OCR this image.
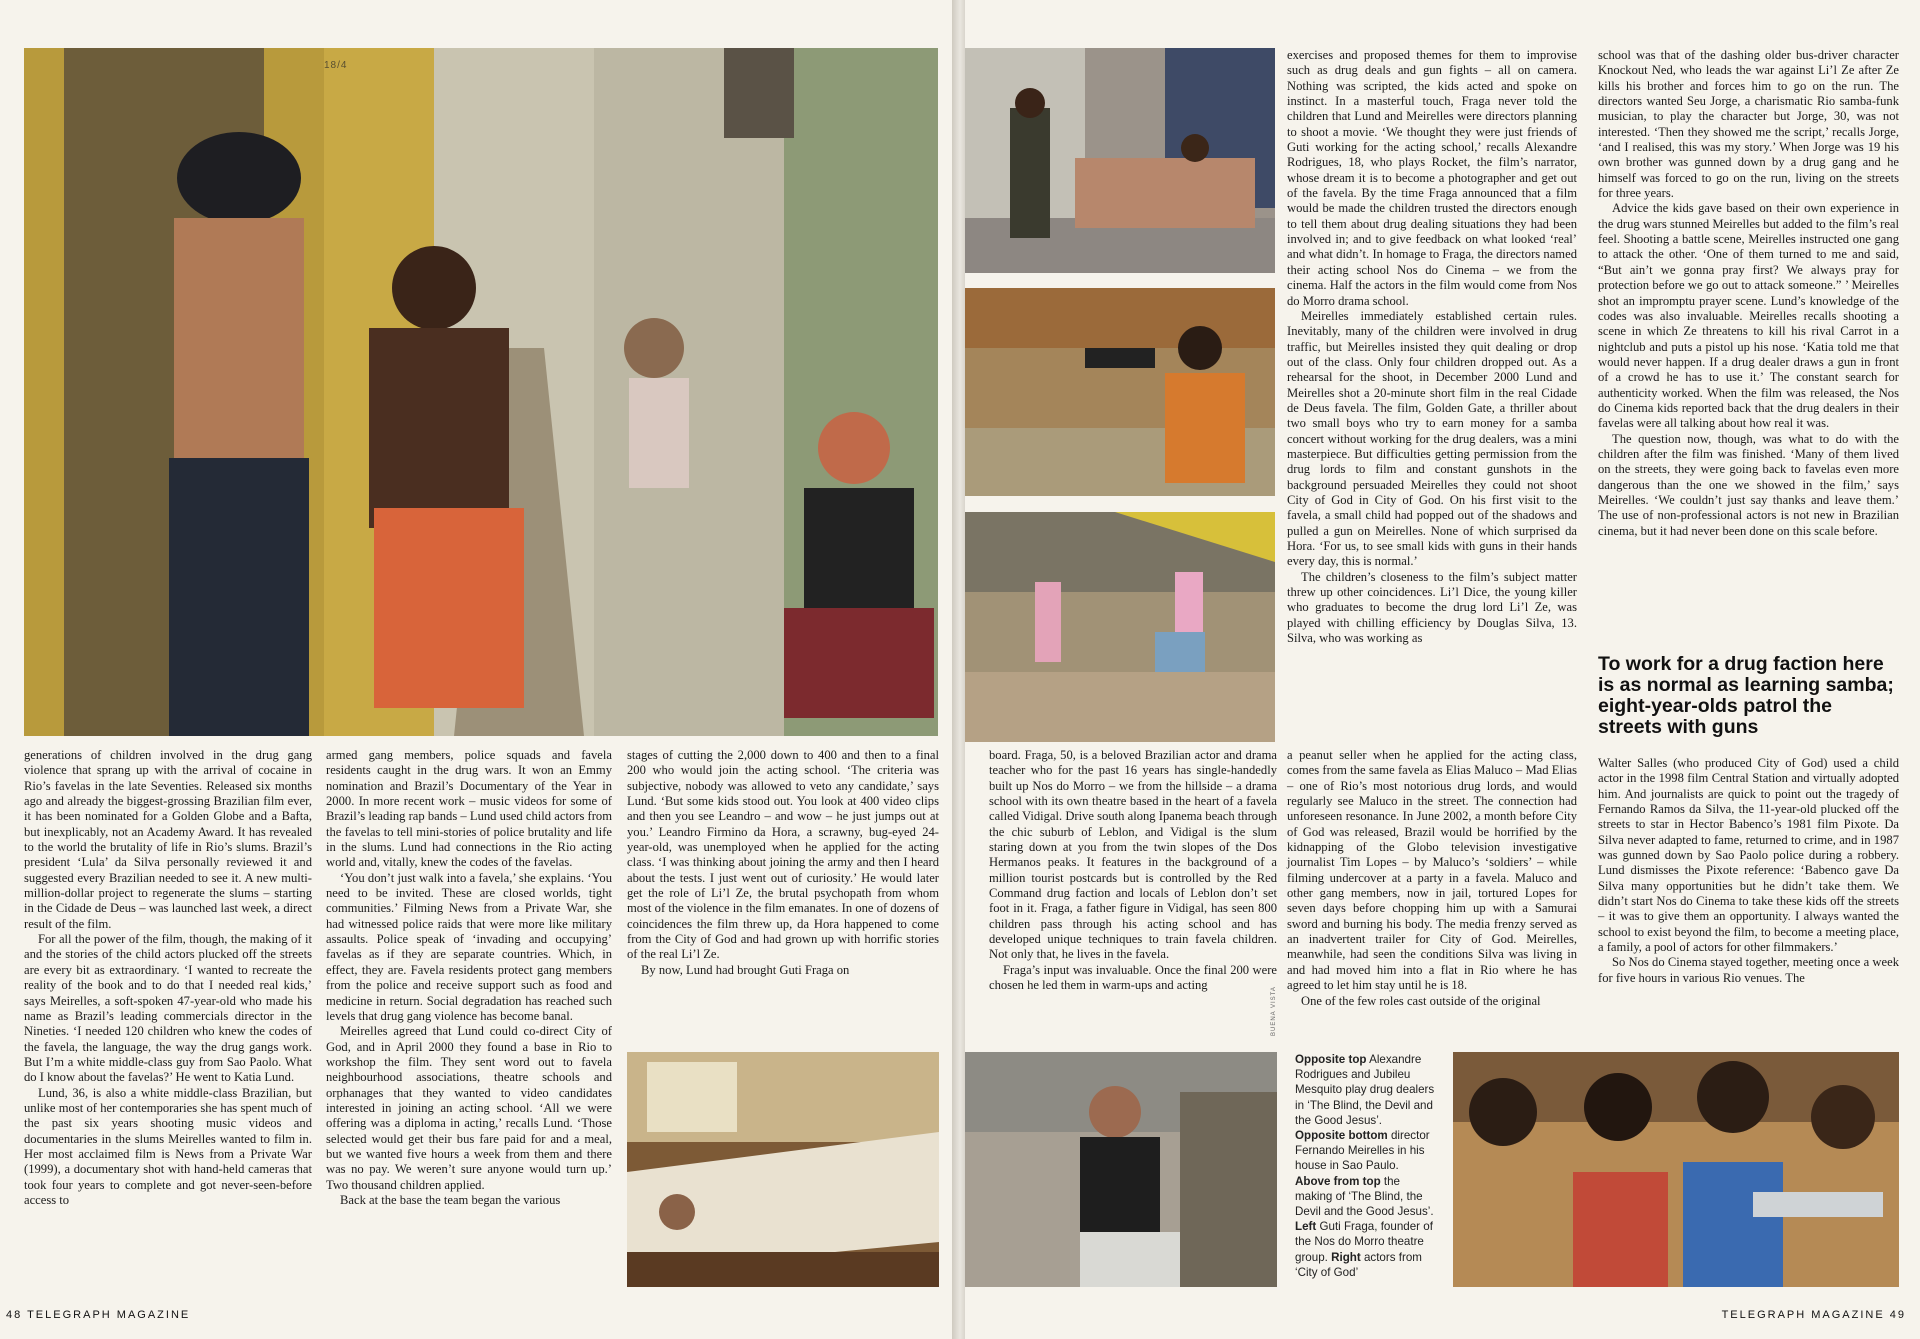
18/4

generations of children involved in the drug gang violence that sprang up with the arrival of cocaine in Rio’s favelas in the late Seventies. Released six months ago and already the biggest-grossing Brazilian film ever, it has been nominated for a Golden Globe and a Bafta, but inexplicably, not an Academy Award. It has revealed to the world the brutality of life in Rio’s slums. Brazil’s president ‘Lula’ da Silva personally reviewed it and suggested every Brazilian needed to see it. A new multi-million-dollar project to regenerate the slums – starting in the Cidade de Deus – was launched last week, a direct result of the film.

For all the power of the film, though, the making of it and the stories of the child actors plucked off the streets are every bit as extraordinary. ‘I wanted to recreate the reality of the book and to do that I needed real kids,’ says Meirelles, a soft-spoken 47-year-old who made his name as Brazil’s leading commercials director in the Nineties. ‘I needed 120 children who knew the codes of the favela, the language, the way the drug gangs work. But I’m a white middle-class guy from Sao Paolo. What do I know about the favelas?’ He went to Katia Lund.

Lund, 36, is also a white middle-class Brazilian, but unlike most of her contemporaries she has spent much of the past six years shooting music videos and documentaries in the slums Meirelles wanted to film in. Her most acclaimed film is News from a Private War (1999), a documentary shot with hand-held cameras that took four years to complete and got never-seen-before access to

armed gang members, police squads and favela residents caught in the drug wars. It won an Emmy nomination and Brazil’s Documentary of the Year in 2000. In more recent work – music videos for some of Brazil’s leading rap bands – Lund used child actors from the favelas to tell mini-stories of police brutality and life in the slums. Lund had connections in the Rio acting world and, vitally, knew the codes of the favelas.

‘You don’t just walk into a favela,’ she explains. ‘You need to be invited. These are closed worlds, tight communities.’ Filming News from a Private War, she had witnessed police raids that were more like military assaults. Police speak of ‘invading and occupying’ favelas as if they are separate countries. Which, in effect, they are. Favela residents protect gang members from the police and receive support such as food and medicine in return. Social degradation has reached such levels that drug gang violence has become banal.

Meirelles agreed that Lund could co-direct City of God, and in April 2000 they found a base in Rio to workshop the film. They sent word out to favela neighbourhood associations, theatre schools and orphanages that they wanted to video candidates interested in joining an acting school. ‘All we were offering was a diploma in acting,’ recalls Lund. ‘Those selected would get their bus fare paid for and a meal, but we wanted five hours a week from them and there was no pay. We weren’t sure anyone would turn up.’ Two thousand children applied.

Back at the base the team began the various

stages of cutting the 2,000 down to 400 and then to a final 200 who would join the acting school. ‘The criteria was subjective, nobody was allowed to veto any candidate,’ says Lund. ‘But some kids stood out. You look at 400 video clips and then you see Leandro – and wow – he just jumps out at you.’ Leandro Firmino da Hora, a scrawny, bug-eyed 24-year-old, was unemployed when he applied for the acting class. ‘I was thinking about joining the army and then I heard about the tests. I just went out of curiosity.’ He would later get the role of Li’l Ze, the brutal psychopath from whom most of the violence in the film emanates. In one of dozens of coincidences the film threw up, da Hora happened to come from the City of God and had grown up with horrific stories of the real Li’l Ze.

By now, Lund had brought Guti Fraga on

48 TELEGRAPH MAGAZINE
BUENA VISTA

exercises and proposed themes for them to improvise such as drug deals and gun fights – all on camera. Nothing was scripted, the kids acted and spoke on instinct. In a masterful touch, Fraga never told the children that Lund and Meirelles were directors planning to shoot a movie. ‘We thought they were just friends of Guti working for the acting school,’ recalls Alexandre Rodrigues, 18, who plays Rocket, the film’s narrator, whose dream it is to become a photographer and get out of the favela. By the time Fraga announced that a film would be made the children trusted the directors enough to tell them about drug dealing situations they had been involved in; and to give feedback on what looked ‘real’ and what didn’t. In homage to Fraga, the directors named their acting school Nos do Cinema – we from the cinema. Half the actors in the film would come from Nos do Morro drama school.

Meirelles immediately established certain rules. Inevitably, many of the children were involved in drug traffic, but Meirelles insisted they quit dealing or drop out of the class. Only four children dropped out. As a rehearsal for the shoot, in December 2000 Lund and Meirelles shot a 20-minute short film in the real Cidade de Deus favela. The film, Golden Gate, a thriller about two small boys who try to earn money for a samba concert without working for the drug dealers, was a mini masterpiece. But difficulties getting permission from the drug lords to film and constant gunshots in the background persuaded Meirelles they could not shoot City of God in City of God. On his first visit to the favela, a small child had popped out of the shadows and pulled a gun on Meirelles. None of which surprised da Hora. ‘For us, to see small kids with guns in their hands every day, this is normal.’

The children’s closeness to the film’s subject matter threw up other coincidences. Li’l Dice, the young killer who graduates to become the drug lord Li’l Ze, was played with chilling efficiency by Douglas Silva, 13. Silva, who was working as

school was that of the dashing older bus-driver character Knockout Ned, who leads the war against Li’l Ze after Ze kills his brother and forces him to go on the run. The directors wanted Seu Jorge, a charismatic Rio samba-funk musician, to play the character but Jorge, 30, was not interested. ‘Then they showed me the script,’ recalls Jorge, ‘and I realised, this was my story.’ When Jorge was 19 his own brother was gunned down by a drug gang and he himself was forced to go on the run, living on the streets for three years.

Advice the kids gave based on their own experience in the drug wars stunned Meirelles but added to the film’s real feel. Shooting a battle scene, Meirelles instructed one gang to attack the other. ‘One of them turned to me and said, “But ain’t we gonna pray first? We always pray for protection before we go out to attack someone.” ’ Meirelles shot an impromptu prayer scene. Lund’s knowledge of the codes was also invaluable. Meirelles recalls shooting a scene in which Ze threatens to kill his rival Carrot in a nightclub and puts a pistol up his nose. ‘Katia told me that would never happen. If a drug dealer draws a gun in front of a crowd he has to use it.’ The constant search for authenticity worked. When the film was released, the Nos do Cinema kids reported back that the drug dealers in their favelas were all talking about how real it was.

The question now, though, was what to do with the children after the film was finished. ‘Many of them lived on the streets, they were going back to favelas even more dangerous than the one we showed in the film,’ says Meirelles. ‘We couldn’t just say thanks and leave them.’ The use of non-professional actors is not new in Brazilian cinema, but it had never been done on this scale before.

board. Fraga, 50, is a beloved Brazilian actor and drama teacher who for the past 16 years has single-handedly built up Nos do Morro – we from the hillside – a drama school with its own theatre based in the heart of a favela called Vidigal. Drive south along Ipanema beach through the chic suburb of Leblon, and Vidigal is the slum staring down at you from the twin slopes of the Dos Hermanos peaks. It features in the background of a million tourist postcards but is controlled by the Red Command drug faction and locals of Leblon don’t set foot in it. Fraga, a father figure in Vidigal, has seen 800 children pass through his acting school and has developed unique techniques to train favela children. Not only that, he lives in the favela.

Fraga’s input was invaluable. Once the final 200 were chosen he led them in warm-ups and acting

a peanut seller when he applied for the acting class, comes from the same favela as Elias Maluco – Mad Elias – one of Rio’s most notorious drug lords, and would regularly see Maluco in the street. The connection had unforeseen resonance. In June 2002, a month before City of God was released, Brazil would be horrified by the kidnapping of the Globo television investigative journalist Tim Lopes – by Maluco’s ‘soldiers’ – while filming undercover at a party in a favela. Maluco and other gang members, now in jail, tortured Lopes for seven days before chopping him up with a Samurai sword and burning his body. The media frenzy served as an inadvertent trailer for City of God. Meirelles, meanwhile, had seen the conditions Silva was living in and had moved him into a flat in Rio where he has agreed to let him stay until he is 18.

One of the few roles cast outside of the original

To work for a drug faction here is as normal as learning samba; eight-year-olds patrol the streets with guns

Walter Salles (who produced City of God) used a child actor in the 1998 film Central Station and virtually adopted him. And journalists are quick to point out the tragedy of Fernando Ramos da Silva, the 11-year-old plucked off the streets to star in Hector Babenco’s 1981 film Pixote. Da Silva never adapted to fame, returned to crime, and in 1987 was gunned down by Sao Paolo police during a robbery. Lund dismisses the Pixote reference: ‘Babenco gave Da Silva many opportunities but he didn’t take them. We didn’t start Nos do Cinema to take these kids off the streets – it was to give them an opportunity. I always wanted the school to exist beyond the film, to become a meeting place, a family, a pool of actors for other filmmakers.’

So Nos do Cinema stayed together, meeting once a week for five hours in various Rio venues. The

Opposite top Alexandre Rodrigues and Jubileu Mesquito play drug dealers in ‘The Blind, the Devil and the Good Jesus’. Opposite bottom director Fernando Meirelles in his house in Sao Paulo. Above from top the making of ‘The Blind, the Devil and the Good Jesus’. Left Guti Fraga, founder of the Nos do Morro theatre group. Right actors from ‘City of God’
TELEGRAPH MAGAZINE 49
